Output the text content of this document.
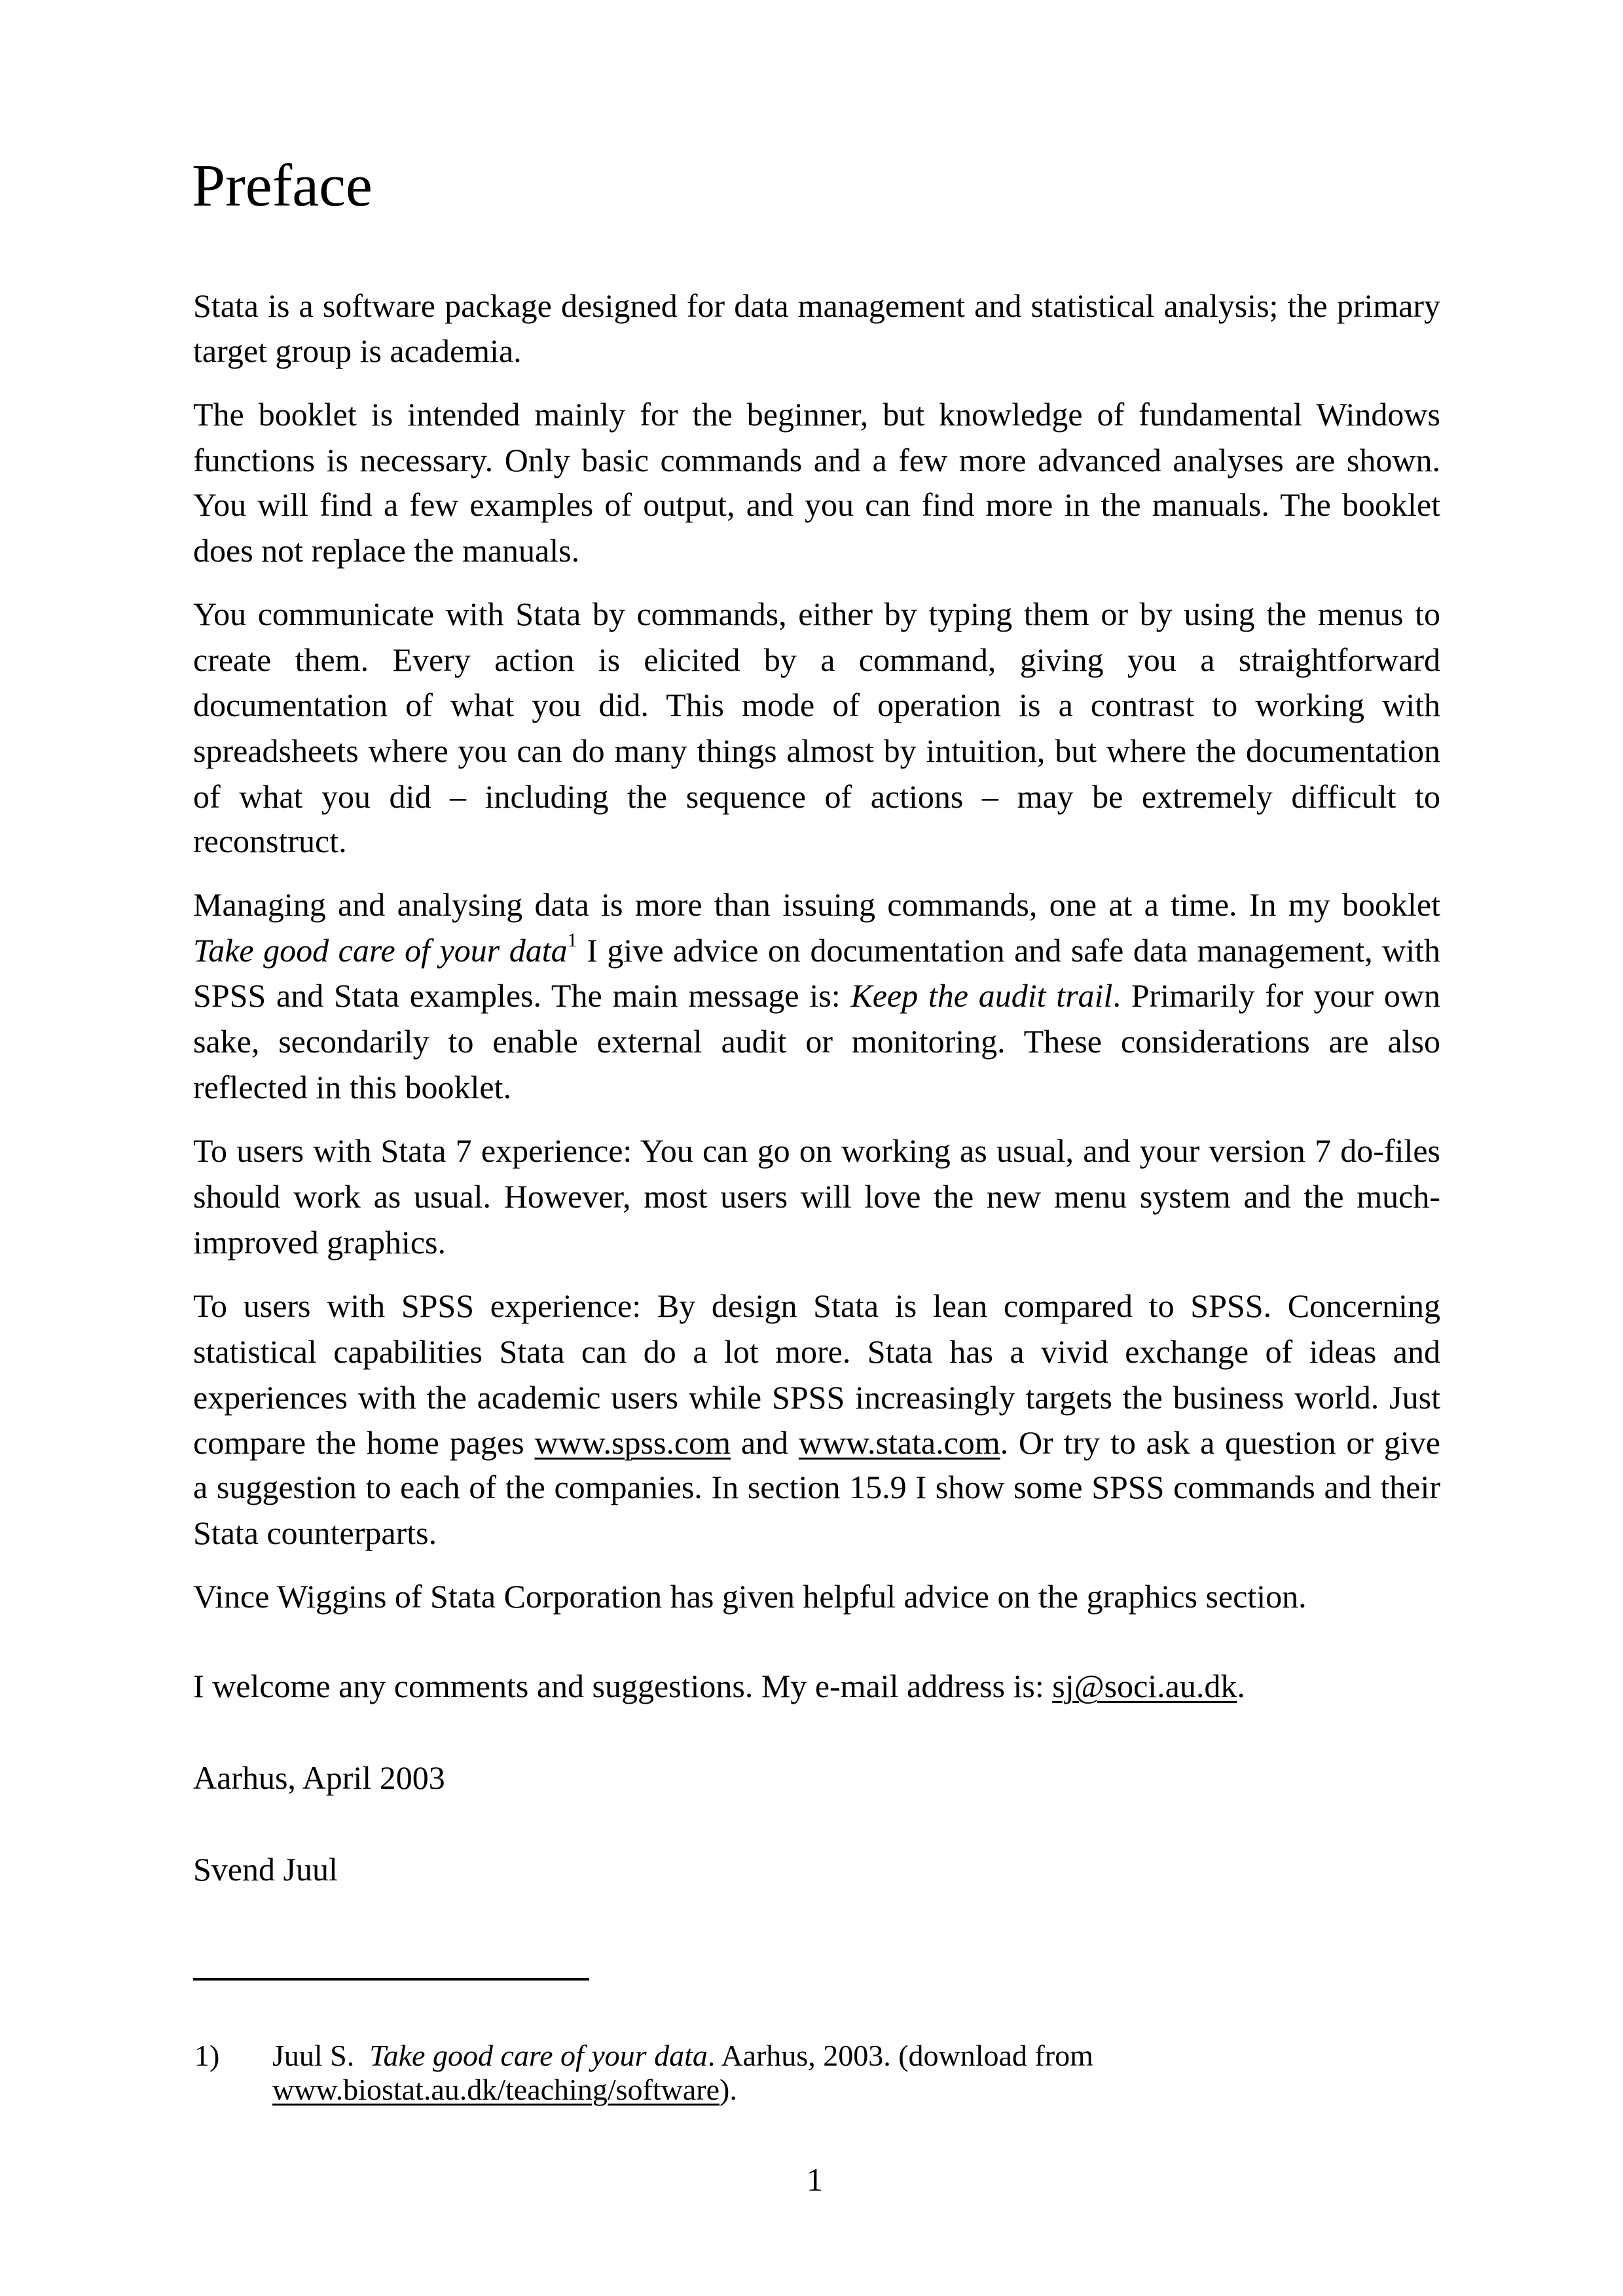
Preface
Stata is a software package designed for data management and statistical analysis; the primary
target group is academia.
The booklet is intended mainly for the beginner, but knowledge of fundamental Windows
functions is necessary. Only basic commands and a few more advanced analyses are shown.
You will find a few examples of output, and you can find more in the manuals. The booklet
does not replace the manuals.
You communicate with Stata by commands, either by typing them or by using the menus to
create them. Every action is elicited by a command, giving you a straightforward
documentation of what you did. This mode of operation is a contrast to working with
spreadsheets where you can do many things almost by intuition, but where the documentation
of what you did – including the sequence of actions – may be extremely difficult to
reconstruct.
Managing and analysing data is more than issuing commands, one at a time. In my booklet
Take good care of your data$^1$ I give advice on documentation and safe data management, with
SPSS and Stata examples. The main message is: Keep the audit trail. Primarily for your own
sake, secondarily to enable external audit or monitoring. These considerations are also
reflected in this booklet.
To users with Stata 7 experience: You can go on working as usual, and your version 7 do-files
should work as usual. However, most users will love the new menu system and the much-
improved graphics.
To users with SPSS experience: By design Stata is lean compared to SPSS. Concerning
statistical capabilities Stata can do a lot more. Stata has a vivid exchange of ideas and
experiences with the academic users while SPSS increasingly targets the business world. Just
compare the home pages www.spss.com and www.stata.com. Or try to ask a question or give
a suggestion to each of the companies. In section 15.9 I show some SPSS commands and their
Stata counterparts.
Vince Wiggins of Stata Corporation has given helpful advice on the graphics section.
I welcome any comments and suggestions. My e-mail address is: sj@soci.au.dk.
Aarhus, April 2003
Svend Juul
1) Juul S. Take good care of your data. Aarhus, 2003. (download from
www.biostat.au.dk/teaching/software).
1
